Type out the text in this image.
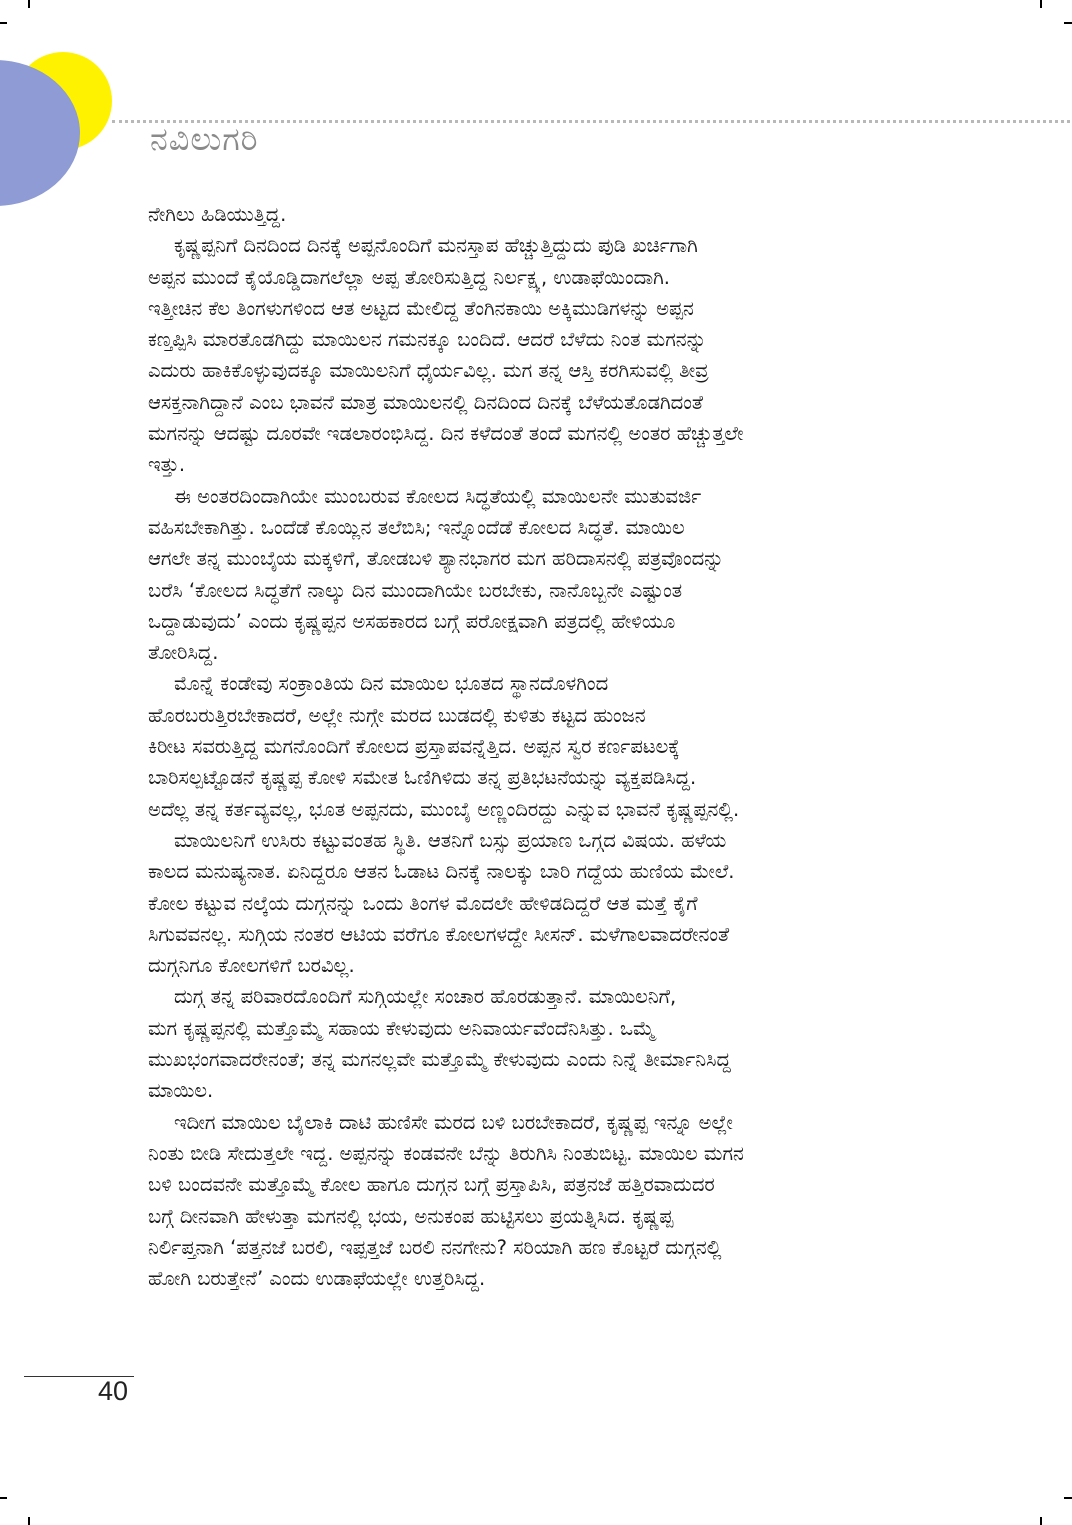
ನವಿಲುಗರಿ
ನೇಗಿಲು ಹಿಡಿಯುತ್ತಿದ್ದ.
ಕೃಷ್ಣಪ್ಪನಿಗೆ ದಿನದಿಂದ ದಿನಕ್ಕೆ ಅಪ್ಪನೊಂದಿಗೆ ಮನಸ್ತಾಪ ಹೆಚ್ಚುತ್ತಿದ್ದುದು ಪುಡಿ ಖರ್ಚಿಗಾಗಿ
ಅಪ್ಪನ ಮುಂದೆ ಕೈಯೊಡ್ಡಿದಾಗಲೆಲ್ಲಾ ಅಪ್ಪ ತೋರಿಸುತ್ತಿದ್ದ ನಿರ್ಲಕ್ಷ್ಯ, ಉಡಾಫೆಯಿಂದಾಗಿ.
ಇತ್ತೀಚಿನ ಕೆಲ ತಿಂಗಳುಗಳಿಂದ ಆತ ಅಟ್ಟದ ಮೇಲಿದ್ದ ತೆಂಗಿನಕಾಯಿ ಅಕ್ಕಿಮುಡಿಗಳನ್ನು ಅಪ್ಪನ
ಕಣ್ತಪ್ಪಿಸಿ ಮಾರತೊಡಗಿದ್ದು ಮಾಯಿಲನ ಗಮನಕ್ಕೂ ಬಂದಿದೆ. ಆದರೆ ಬೆಳೆದು ನಿಂತ ಮಗನನ್ನು
ಎದುರು ಹಾಕಿಕೊಳ್ಳುವುದಕ್ಕೂ ಮಾಯಿಲನಿಗೆ ಧೈರ್ಯವಿಲ್ಲ. ಮಗ ತನ್ನ ಆಸ್ತಿ ಕರಗಿಸುವಲ್ಲಿ ತೀವ್ರ
ಆಸಕ್ತನಾಗಿದ್ದಾನೆ ಎಂಬ ಭಾವನೆ ಮಾತ್ರ ಮಾಯಿಲನಲ್ಲಿ ದಿನದಿಂದ ದಿನಕ್ಕೆ ಬೆಳೆಯತೊಡಗಿದಂತೆ
ಮಗನನ್ನು ಆದಷ್ಟು ದೂರವೇ ಇಡಲಾರಂಭಿಸಿದ್ದ. ದಿನ ಕಳೆದಂತೆ ತಂದೆ ಮಗನಲ್ಲಿ ಅಂತರ ಹೆಚ್ಚುತ್ತಲೇ
ಇತ್ತು.
ಈ ಅಂತರದಿಂದಾಗಿಯೇ ಮುಂಬರುವ ಕೋಲದ ಸಿದ್ಧತೆಯಲ್ಲಿ ಮಾಯಿಲನೇ ಮುತುವರ್ಜಿ
ವಹಿಸಬೇಕಾಗಿತ್ತು. ಒಂದೆಡೆ ಕೊಯ್ಲಿನ ತಲೆಬಿಸಿ; ಇನ್ನೊಂದೆಡೆ ಕೋಲದ ಸಿದ್ಧತೆ. ಮಾಯಿಲ
ಆಗಲೇ ತನ್ನ ಮುಂಬೈಯ ಮಕ್ಕಳಿಗೆ, ತೋಡಬಳಿ ಶ್ಯಾನಭಾಗರ ಮಗ ಹರಿದಾಸನಲ್ಲಿ ಪತ್ರವೊಂದನ್ನು
ಬರೆಸಿ ‘ಕೋಲದ ಸಿದ್ಧತೆಗೆ ನಾಲ್ಕು ದಿನ ಮುಂದಾಗಿಯೇ ಬರಬೇಕು, ನಾನೊಬ್ಬನೇ ಎಷ್ಟುಂತ
ಒದ್ದಾಡುವುದು’ ಎಂದು ಕೃಷ್ಣಪ್ಪನ ಅಸಹಕಾರದ ಬಗ್ಗೆ ಪರೋಕ್ಷವಾಗಿ ಪತ್ರದಲ್ಲಿ ಹೇಳಿಯೂ
ತೋರಿಸಿದ್ದ.
ಮೊನ್ನೆ ಕಂಡೇವು ಸಂಕ್ರಾಂತಿಯ ದಿನ ಮಾಯಿಲ ಭೂತದ ಸ್ಥಾನದೊಳಗಿಂದ
ಹೊರಬರುತ್ತಿರಬೇಕಾದರೆ, ಅಲ್ಲೇ ನುಗ್ಗೇ ಮರದ ಬುಡದಲ್ಲಿ ಕುಳಿತು ಕಟ್ಟದ ಹುಂಜನ
ಕಿರೀಟ ಸವರುತ್ತಿದ್ದ ಮಗನೊಂದಿಗೆ ಕೋಲದ ಪ್ರಸ್ತಾಪವನ್ನೆತ್ತಿದ. ಅಪ್ಪನ ಸ್ವರ ಕರ್ಣಪಟಲಕ್ಕೆ
ಬಾರಿಸಲ್ಪಟ್ಟೊಡನೆ ಕೃಷ್ಣಪ್ಪ ಕೋಳಿ ಸಮೇತ ಓಣಿಗಿಳಿದು ತನ್ನ ಪ್ರತಿಭಟನೆಯನ್ನು ವ್ಯಕ್ತಪಡಿಸಿದ್ದ.
ಅದೆಲ್ಲ ತನ್ನ ಕರ್ತವ್ಯವಲ್ಲ, ಭೂತ ಅಪ್ಪನದು, ಮುಂಬೈ ಅಣ್ಣಂದಿರದ್ದು ಎನ್ನುವ ಭಾವನೆ ಕೃಷ್ಣಪ್ಪನಲ್ಲಿ.
ಮಾಯಿಲನಿಗೆ ಉಸಿರು ಕಟ್ಟುವಂತಹ ಸ್ಥಿತಿ. ಆತನಿಗೆ ಬಸ್ಸು ಪ್ರಯಾಣ ಒಗ್ಗದ ವಿಷಯ. ಹಳೆಯ
ಕಾಲದ ಮನುಷ್ಯನಾತ. ಏನಿದ್ದರೂ ಆತನ ಓಡಾಟ ದಿನಕ್ಕೆ ನಾಲಕ್ಕು ಬಾರಿ ಗದ್ದೆಯ ಹುಣಿಯ ಮೇಲೆ.
ಕೋಲ ಕಟ್ಟುವ ನಲ್ಕೆಯ ದುಗ್ಗನನ್ನು ಒಂದು ತಿಂಗಳ ಮೊದಲೇ ಹೇಳಿಡದಿದ್ದರೆ ಆತ ಮತ್ತೆ ಕೈಗೆ
ಸಿಗುವವನಲ್ಲ. ಸುಗ್ಗಿಯ ನಂತರ ಆಟಿಯ ವರೆಗೂ ಕೋಲಗಳದ್ದೇ ಸೀಸನ್. ಮಳೆಗಾಲವಾದರೇನಂತೆ
ದುಗ್ಗನಿಗೂ ಕೋಲಗಳಿಗೆ ಬರವಿಲ್ಲ.
ದುಗ್ಗ ತನ್ನ ಪರಿವಾರದೊಂದಿಗೆ ಸುಗ್ಗಿಯಲ್ಲೇ ಸಂಚಾರ ಹೊರಡುತ್ತಾನೆ. ಮಾಯಿಲನಿಗೆ,
ಮಗ ಕೃಷ್ಣಪ್ಪನಲ್ಲಿ ಮತ್ತೊಮ್ಮೆ ಸಹಾಯ ಕೇಳುವುದು ಅನಿವಾರ್ಯವೆಂದೆನಿಸಿತ್ತು. ಒಮ್ಮೆ
ಮುಖಭಂಗವಾದರೇನಂತೆ; ತನ್ನ ಮಗನಲ್ಲವೇ ಮತ್ತೊಮ್ಮೆ ಕೇಳುವುದು ಎಂದು ನಿನ್ನೆ ತೀರ್ಮಾನಿಸಿದ್ದ
ಮಾಯಿಲ.
ಇದೀಗ ಮಾಯಿಲ ಬೈಲಾಕಿ ದಾಟಿ ಹುಣಿಸೇ ಮರದ ಬಳಿ ಬರಬೇಕಾದರೆ, ಕೃಷ್ಣಪ್ಪ ಇನ್ನೂ ಅಲ್ಲೇ
ನಿಂತು ಬೀಡಿ ಸೇದುತ್ತಲೇ ಇದ್ದ. ಅಪ್ಪನನ್ನು ಕಂಡವನೇ ಬೆನ್ನು ತಿರುಗಿಸಿ ನಿಂತುಬಿಟ್ಟ. ಮಾಯಿಲ ಮಗನ
ಬಳಿ ಬಂದವನೇ ಮತ್ತೊಮ್ಮೆ ಕೋಲ ಹಾಗೂ ದುಗ್ಗನ ಬಗ್ಗೆ ಪ್ರಸ್ತಾಪಿಸಿ, ಪತ್ರನಜೆ ಹತ್ತಿರವಾದುದರ
ಬಗ್ಗೆ ದೀನವಾಗಿ ಹೇಳುತ್ತಾ ಮಗನಲ್ಲಿ ಭಯ, ಅನುಕಂಪ ಹುಟ್ಟಿಸಲು ಪ್ರಯತ್ನಿಸಿದ. ಕೃಷ್ಣಪ್ಪ
ನಿರ್ಲಿಪ್ತನಾಗಿ ‘ಪತ್ತನಜೆ ಬರಲಿ, ಇಪ್ಪತ್ತಜೆ ಬರಲಿ ನನಗೇನು? ಸರಿಯಾಗಿ ಹಣ ಕೊಟ್ಟರೆ ದುಗ್ಗನಲ್ಲಿ
ಹೋಗಿ ಬರುತ್ತೇನೆ’ ಎಂದು ಉಡಾಫೆಯಲ್ಲೇ ಉತ್ತರಿಸಿದ್ದ.
40
